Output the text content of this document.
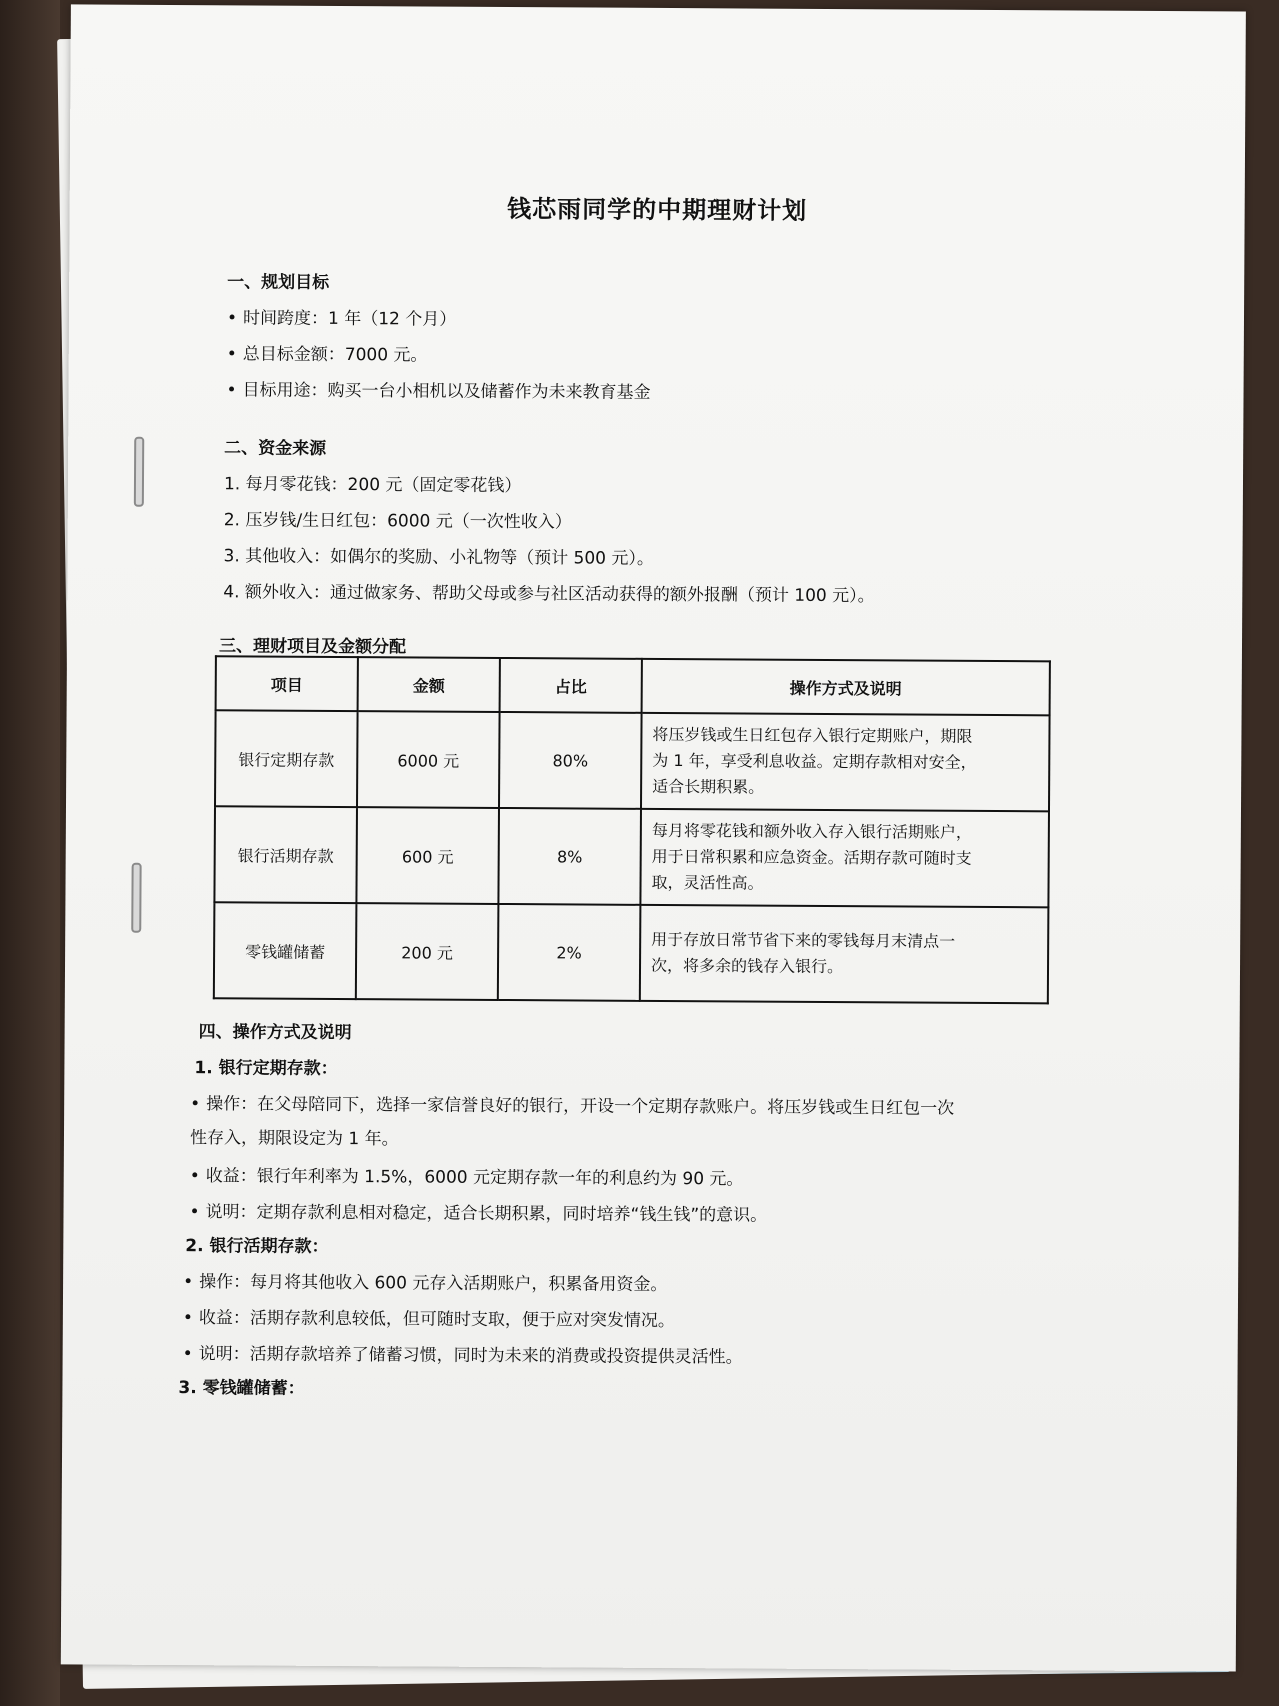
钱芯雨同学的中期理财计划
一、规划目标
• 时间跨度：1 年（12 个月）
• 总目标金额：7000 元。
• 目标用途：购买一台小相机以及储蓄作为未来教育基金
二、资金来源
1. 每月零花钱：200 元（固定零花钱）
2. 压岁钱/生日红包：6000 元（一次性收入）
3. 其他收入：如偶尔的奖励、小礼物等（预计 500 元）。
4. 额外收入：通过做家务、帮助父母或参与社区活动获得的额外报酬（预计 100 元）。
三、理财项目及金额分配
项目	金额	占比	操作方式及说明
银行定期存款	6000 元	80%	将压岁钱或生日红包存入银行定期账户，期限
为 1 年，享受利息收益。定期存款相对安全，
适合长期积累。

银行活期存款	600 元	8%	每月将零花钱和额外收入存入银行活期账户，
用于日常积累和应急资金。活期存款可随时支
取，灵活性高。

零钱罐储蓄	200 元	2%	用于存放日常节省下来的零钱每月末清点一
次，将多余的钱存入银行。
四、操作方式及说明
1. 银行定期存款：
• 操作：在父母陪同下，选择一家信誉良好的银行，开设一个定期存款账户。将压岁钱或生日红包一次
性存入，期限设定为 1 年。
• 收益：银行年利率为 1.5%，6000 元定期存款一年的利息约为 90 元。
• 说明：定期存款利息相对稳定，适合长期积累，同时培养“钱生钱”的意识。
2. 银行活期存款：
• 操作：每月将其他收入 600 元存入活期账户，积累备用资金。
• 收益：活期存款利息较低，但可随时支取，便于应对突发情况。
• 说明：活期存款培养了储蓄习惯，同时为未来的消费或投资提供灵活性。
3. 零钱罐储蓄：
